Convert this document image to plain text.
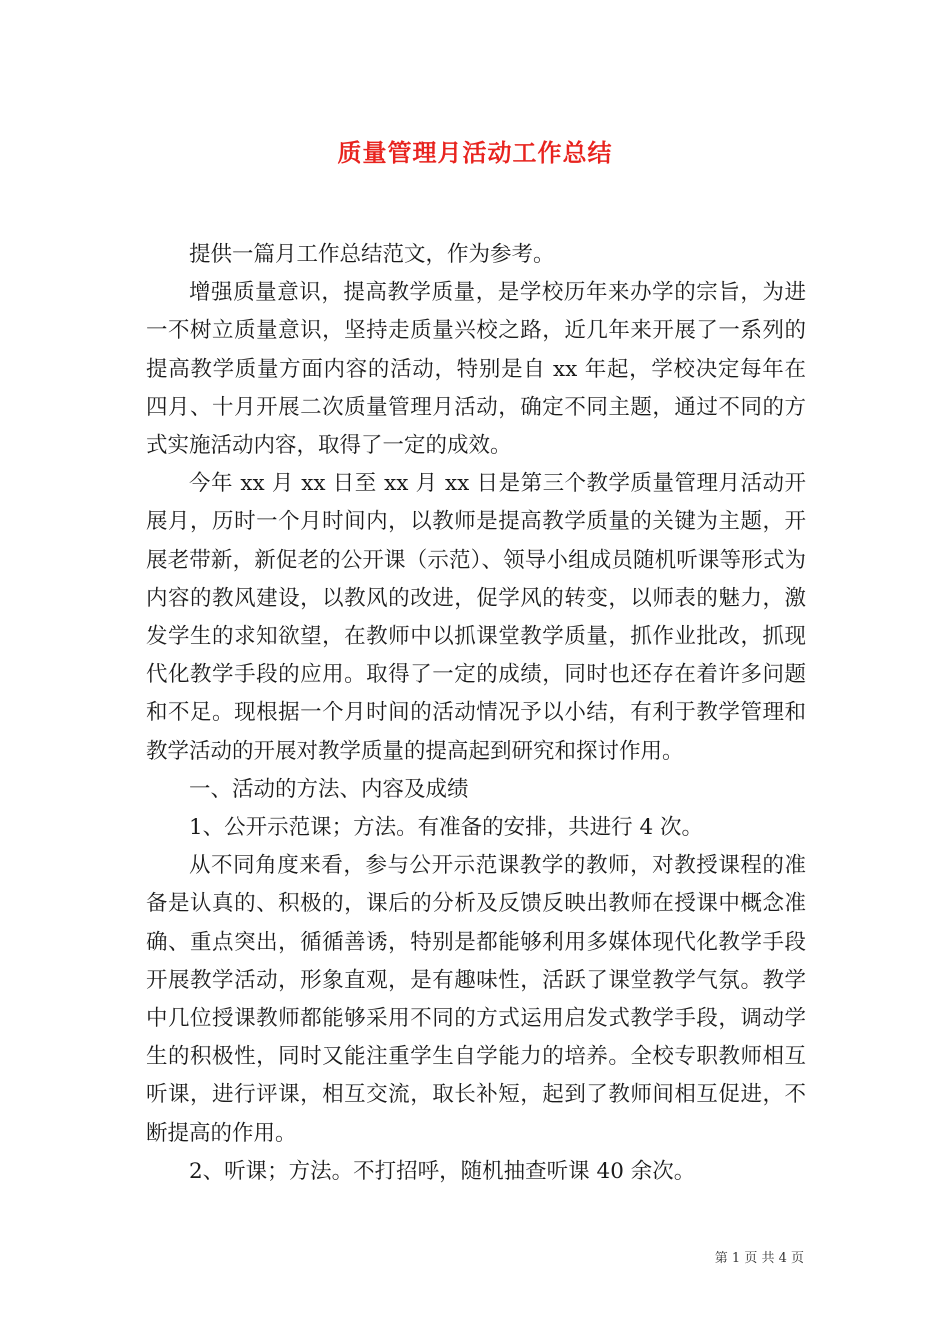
质量管理月活动工作总结

提供一篇月工作总结范文，作为参考。

增强质量意识，提高教学质量，是学校历年来办学的宗旨，为进一不树立质量意识，坚持走质量兴校之路，近几年来开展了一系列的提高教学质量方面内容的活动，特别是自 xx 年起，学校决定每年在四月、十月开展二次质量管理月活动，确定不同主题，通过不同的方式实施活动内容，取得了一定的成效。

今年 xx 月 xx 日至 xx 月 xx 日是第三个教学质量管理月活动开展月，历时一个月时间内，以教师是提高教学质量的关键为主题，开展老带新，新促老的公开课（示范）、领导小组成员随机听课等形式为内容的教风建设，以教风的改进，促学风的转变，以师表的魅力，激发学生的求知欲望，在教师中以抓课堂教学质量，抓作业批改，抓现代化教学手段的应用。取得了一定的成绩，同时也还存在着许多问题和不足。现根据一个月时间的活动情况予以小结，有利于教学管理和教学活动的开展对教学质量的提高起到研究和探讨作用。

一、活动的方法、内容及成绩

1、公开示范课；方法。有准备的安排，共进行 4 次。

从不同角度来看，参与公开示范课教学的教师，对教授课程的准备是认真的、积极的，课后的分析及反馈反映出教师在授课中概念准确、重点突出，循循善诱，特别是都能够利用多媒体现代化教学手段开展教学活动，形象直观，是有趣味性，活跃了课堂教学气氛。教学中几位授课教师都能够采用不同的方式运用启发式教学手段，调动学生的积极性，同时又能注重学生自学能力的培养。全校专职教师相互听课，进行评课，相互交流，取长补短，起到了教师间相互促进，不断提高的作用。

2、听课；方法。不打招呼，随机抽查听课 40 余次。

第 1 页 共 4 页
